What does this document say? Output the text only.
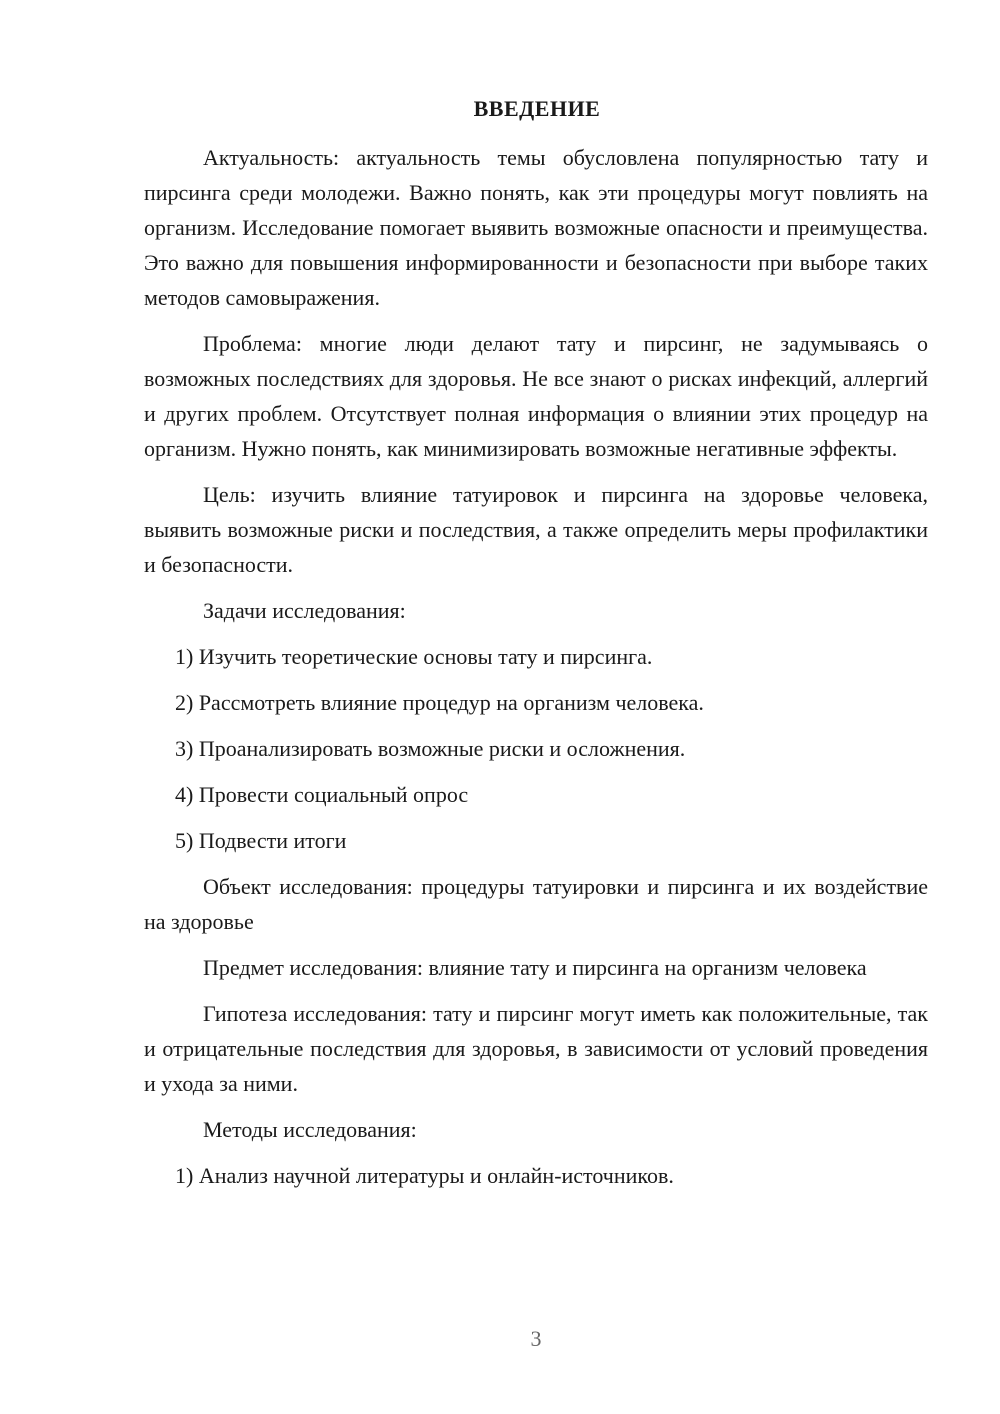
ВВЕДЕНИЕ

Актуальность: актуальность темы обусловлена популярностью тату и пирсинга среди молодежи. Важно понять, как эти процедуры могут повлиять на организм. Исследование помогает выявить возможные опасности и преимущества. Это важно для повышения информированности и безопасности при выборе таких методов самовыражения.

Проблема: многие люди делают тату и пирсинг, не задумываясь о возможных последствиях для здоровья. Не все знают о рисках инфекций, аллергий и других проблем. Отсутствует полная информация о влиянии этих процедур на организм. Нужно понять, как минимизировать возможные негативные эффекты.

Цель: изучить влияние татуировок и пирсинга на здоровье человека, выявить возможные риски и последствия, а также определить меры профилактики и безопасности.

Задачи исследования:

1) Изучить теоретические основы тату и пирсинга.
2) Рассмотреть влияние процедур на организм человека.
3) Проанализировать возможные риски и осложнения.
4) Провести социальный опрос
5) Подвести итоги

Объект исследования: процедуры татуировки и пирсинга и их воздействие на здоровье

Предмет исследования: влияние тату и пирсинга на организм человека

Гипотеза исследования: тату и пирсинг могут иметь как положительные, так и отрицательные последствия для здоровья, в зависимости от условий проведения и ухода за ними.

Методы исследования:

1) Анализ научной литературы и онлайн-источников.
3
